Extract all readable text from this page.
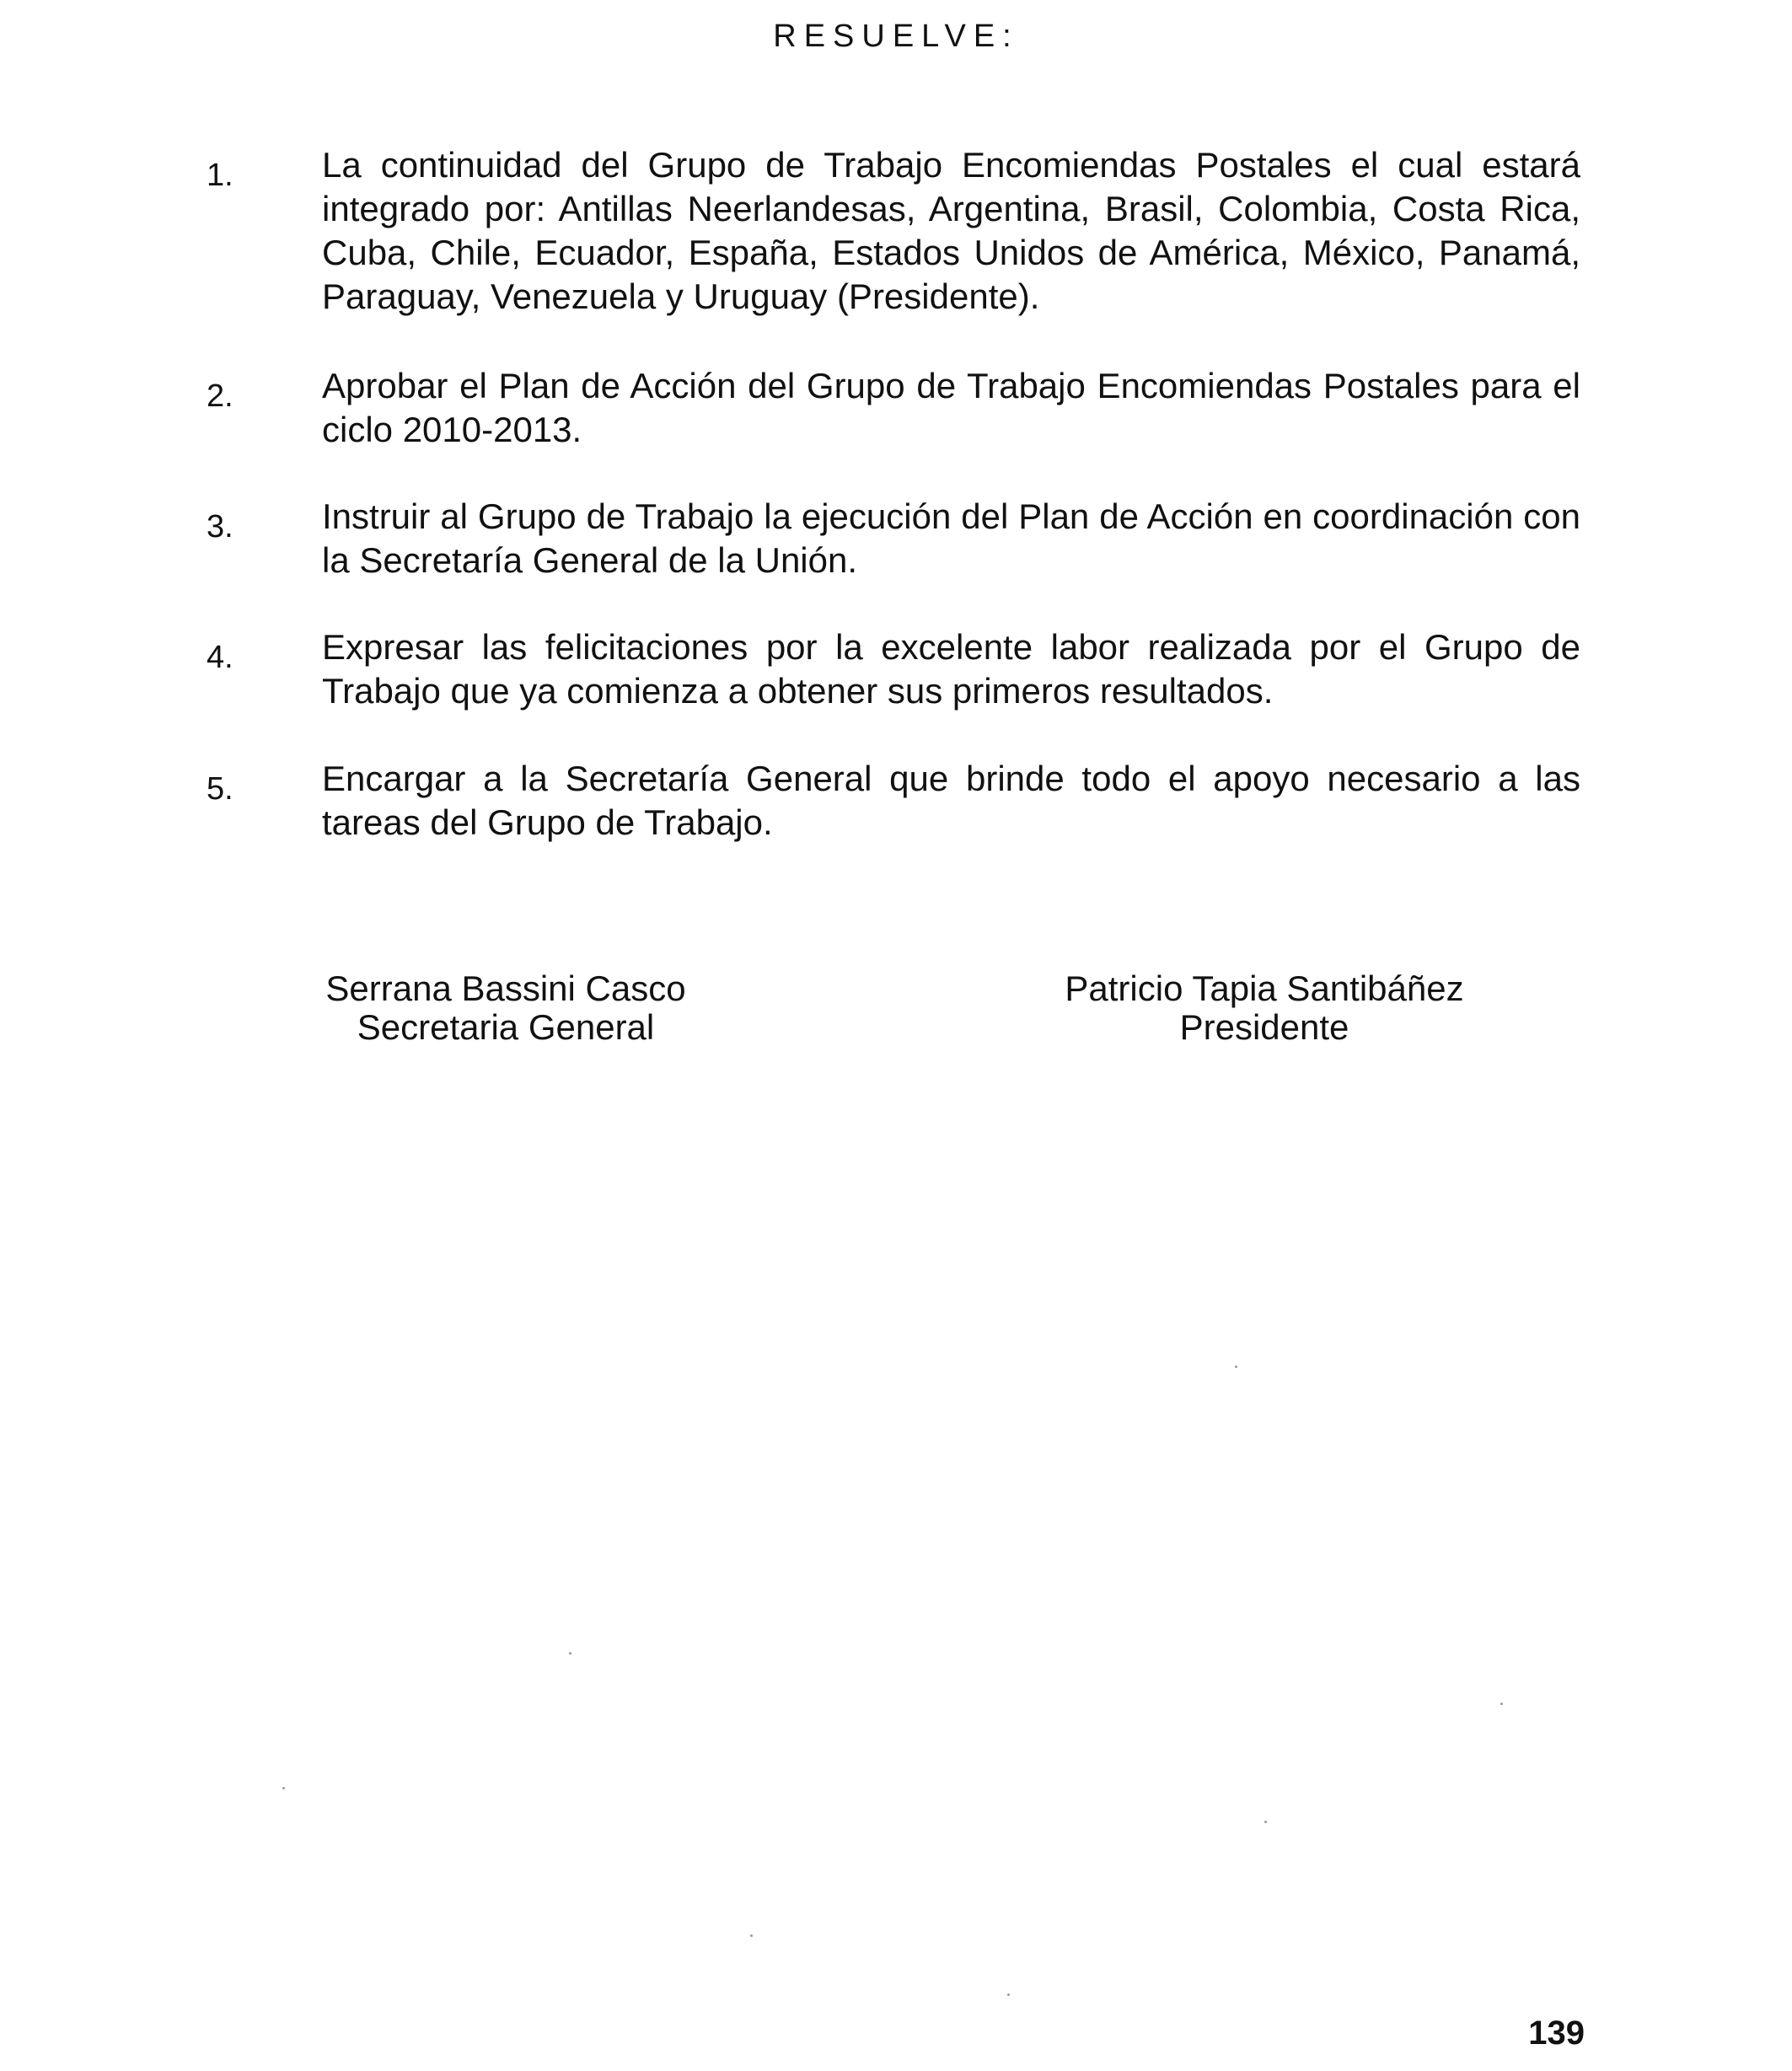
RESUELVE:
1.	La continuidad del Grupo de Trabajo Encomiendas Postales el cual estará integrado por: Antillas Neerlandesas, Argentina, Brasil, Colombia, Costa Rica, Cuba, Chile, Ecuador, España, Estados Unidos de América, México, Panamá, Paraguay, Venezuela y Uruguay (Presidente).
2.	Aprobar el Plan de Acción del Grupo de Trabajo Encomiendas Postales para el ciclo 2010-2013.
3.	Instruir al Grupo de Trabajo la ejecución del Plan de Acción en coordinación con la Secretaría General de la Unión.
4.	Expresar las felicitaciones por la excelente labor realizada por el Grupo de Trabajo que ya comienza a obtener sus primeros resultados.
5.	Encargar a la Secretaría General que brinde todo el apoyo necesario a las tareas del Grupo de Trabajo.
Serrana Bassini Casco
Secretaria General
Patricio Tapia Santibáñez
Presidente
139
